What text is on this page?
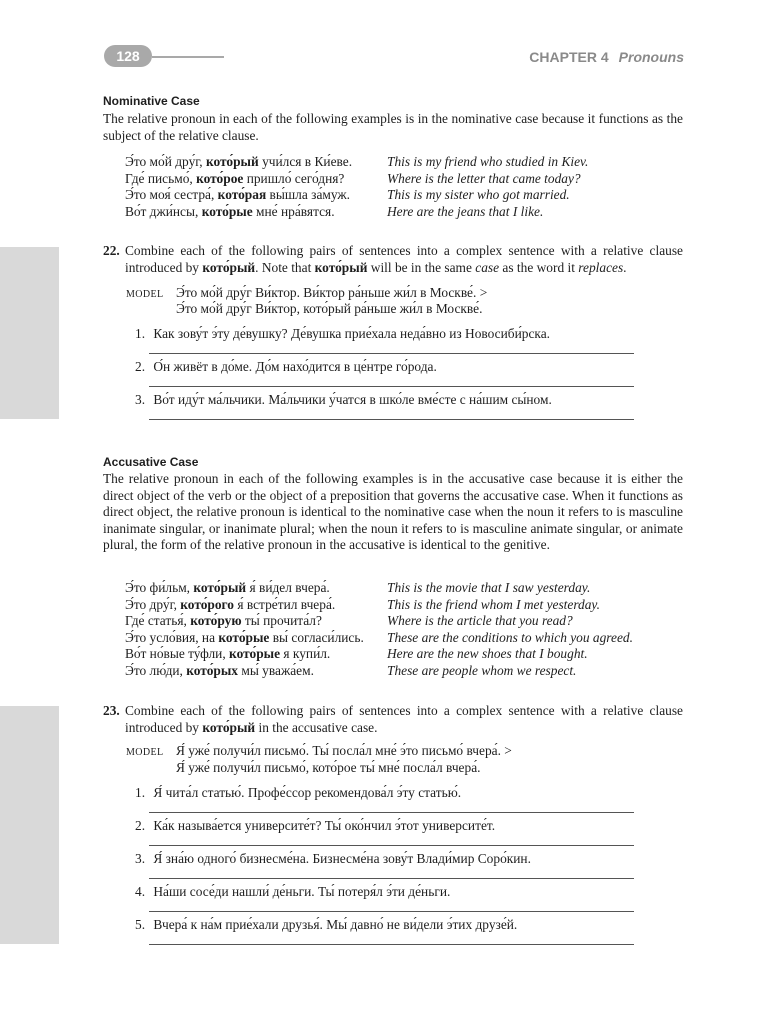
128	CHAPTER 4 Pronouns
Nominative Case

The relative pronoun in each of the following examples is in the nominative case because it functions as the subject of the relative clause.

Э́то мо́й дру́г, кото́рый учи́лся в Ки́еве.	This is my friend who studied in Kiev.
Где́ письмо́, кото́рое пришло́ сего́дня?	Where is the letter that came today?
Э́то моя́ сестра́, кото́рая вы́шла за́муж.	This is my sister who got married.
Во́т джи́нсы, кото́рые мне́ нра́вятся.	Here are the jeans that I like.
22. Combine each of the following pairs of sentences into a complex sentence with a relative clause introduced by кото́рый. Note that кото́рый will be in the same case as the word it replaces.
MODEL Э́то мо́й дру́г Ви́ктор. Ви́ктор ра́ньше жи́л в Москве́. >
Э́то мо́й дру́г Ви́ктор, кото́рый ра́ньше жи́л в Москве́.
1. Как зову́т э́ту де́вушку? Де́вушка прие́хала неда́вно из Новосиби́рска.
2. О́н живёт в до́ме. До́м нахо́дится в це́нтре го́рода.
3. Во́т иду́т ма́льчики. Ма́льчики у́чатся в шко́ле вме́сте с на́шим сы́ном.
Accusative Case

The relative pronoun in each of the following examples is in the accusative case because it is either the direct object of the verb or the object of a preposition that governs the accusative case. When it functions as direct object, the relative pronoun is identical to the nominative case when the noun it refers to is masculine inanimate singular, or inanimate plural; when the noun it refers to is masculine animate singular, or animate plural, the form of the relative pronoun in the accusative is identical to the genitive.

Э́то фи́льм, кото́рый я́ ви́дел вчера́.	This is the movie that I saw yesterday.
Э́то дру́г, кото́рого я́ встре́тил вчера́.	This is the friend whom I met yesterday.
Где́ статья́, кото́рую ты́ прочита́л?	Where is the article that you read?
Э́то усло́вия, на кото́рые вы́ согласи́лись. These are the conditions to which you agreed.
Во́т но́вые ту́фли, кото́рые я купи́л.	Here are the new shoes that I bought.
Э́то лю́ди, кото́рых мы́ уважа́ем.	These are people whom we respect.
23. Combine each of the following pairs of sentences into a complex sentence with a relative clause introduced by кото́рый in the accusative case.
MODEL Я́ уже́ получи́л письмо́. Ты́ посла́л мне́ э́то письмо́ вчера́. >
Я́ уже́ получи́л письмо́, кото́рое ты́ мне́ посла́л вчера́.
1. Я́ чита́л статью́. Профе́ссор рекомендова́л э́ту статью́.
2. Ка́к называ́ется университе́т? Ты́ око́нчил э́тот университе́т.
3. Я́ зна́ю одного́ бизнесме́на. Бизнесме́на зову́т Влади́мир Соро́кин.
4. На́ши сосе́ди нашли́ де́ньги. Ты́ потеря́л э́ти де́ньги.
5. Вчера́ к на́м прие́хали друзья́. Мы́ давно́ не ви́дели э́тих друзе́й.
